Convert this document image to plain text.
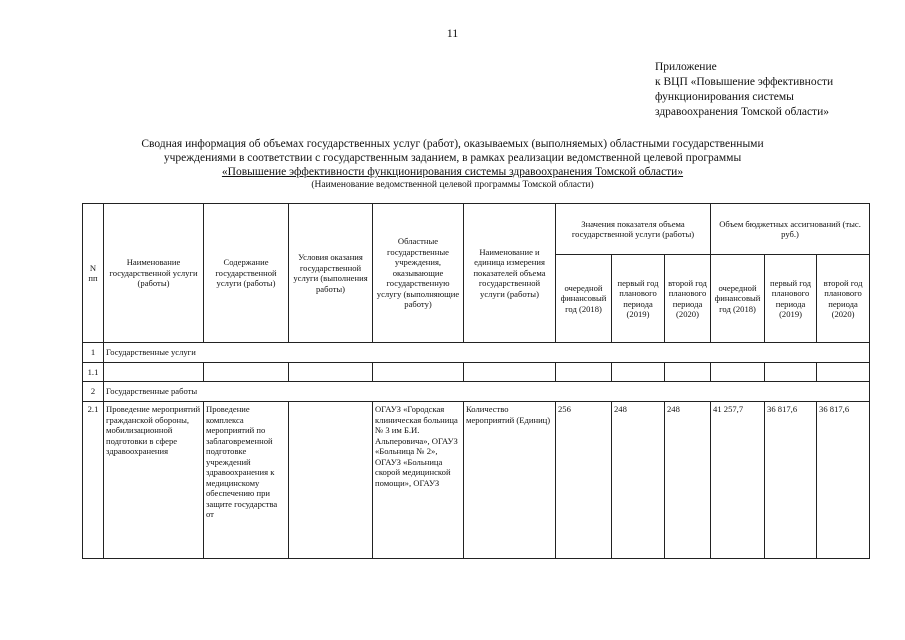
11
Приложение
к ВЦП «Повышение эффективности
функционирования системы
здравоохранения Томской области»
Сводная информация об объемах государственных услуг (работ), оказываемых (выполняемых) областными государственными
учреждениями в соответствии с государственным заданием, в рамках реализации ведомственной целевой программы
«Повышение эффективности функционирования системы здравоохранения Томской области»
(Наименование ведомственной целевой программы Томской области)
N пп	Наименование государственной услуги (работы)	Содержание государственной услуги (работы)	Условия оказания государственной услуги (выполнения работы)	Областные государственные учреждения, оказывающие государственную услугу (выполняющие работу)	Наименование и единица измерения показателей объема государственной услуги (работы)	Значения показателя объема государственной услуги (работы)			Объем бюджетных ассигнований (тыс. руб.)		
						очередной финансовый год (2018)	первый год планового периода (2019)	второй год планового периода (2020)	очередной финансовый год (2018)	первый год планового периода (2019)	второй год планового периода (2020)
1	Государственные услуги										
1.1											
2	Государственные работы										
2.1	Проведение мероприятий гражданской обороны, мобилизационной подготовки в сфере здравоохранения	Проведение комплекса мероприятий по заблаговременной подготовке учреждений здравоохранения к медицинскому обеспечению при защите государства от		ОГАУЗ «Городская клиническая больница № 3 им Б.И. Альперовича», ОГАУЗ «Больница № 2», ОГАУЗ «Больница скорой медицинской помощи», ОГАУЗ	Количество мероприятий (Единиц)	256	248	248	41 257,7	36 817,6	36 817,6
